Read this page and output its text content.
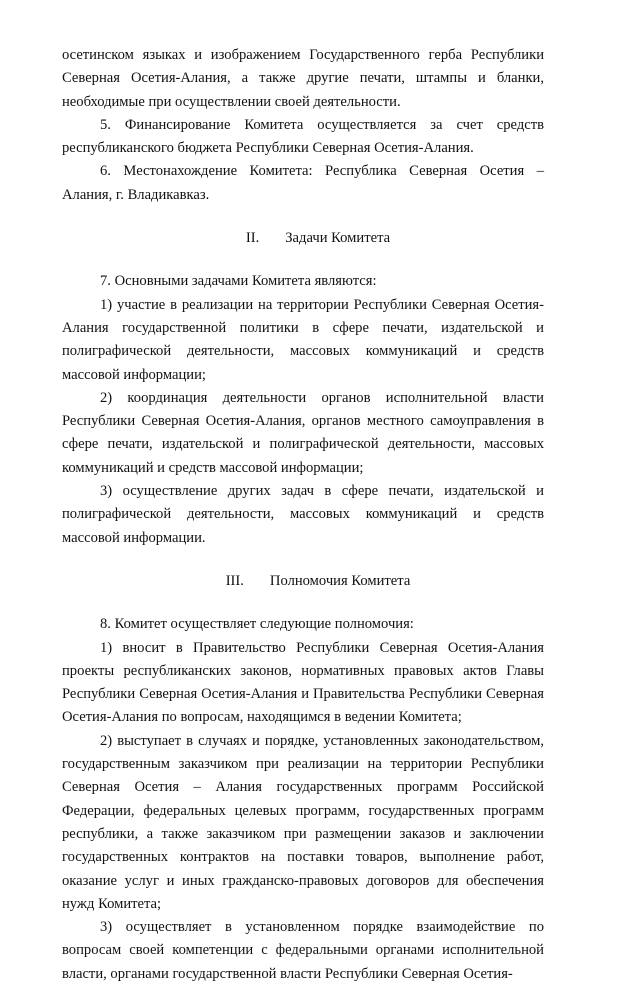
осетинском языках и изображением Государственного герба Республики Северная Осетия-Алания, а также другие печати, штампы и бланки, необходимые при осуществлении своей деятельности.

5. Финансирование Комитета осуществляется за счет средств республиканского бюджета Республики Северная Осетия-Алания.

6. Местонахождение Комитета: Республика Северная Осетия – Алания, г. Владикавказ.

II. Задачи Комитета

7. Основными задачами Комитета являются:

1) участие в реализации на территории Республики Северная Осетия-Алания государственной политики в сфере печати, издательской и полиграфической деятельности, массовых коммуникаций и средств массовой информации;

2) координация деятельности органов исполнительной власти Республики Северная Осетия-Алания, органов местного самоуправления в сфере печати, издательской и полиграфической деятельности, массовых коммуникаций и средств массовой информации;

3) осуществление других задач в сфере печати, издательской и полиграфической деятельности, массовых коммуникаций и средств массовой информации.

III. Полномочия Комитета

8. Комитет осуществляет следующие полномочия:

1) вносит в Правительство Республики Северная Осетия-Алания проекты республиканских законов, нормативных правовых актов Главы Республики Северная Осетия-Алания и Правительства Республики Северная Осетия-Алания по вопросам, находящимся в ведении Комитета;

2) выступает в случаях и порядке, установленных законодательством, государственным заказчиком при реализации на территории Республики Северная Осетия – Алания государственных программ Российской Федерации, федеральных целевых программ, государственных программ республики, а также заказчиком при размещении заказов и заключении государственных контрактов на поставки товаров, выполнение работ, оказание услуг и иных гражданско-правовых договоров для обеспечения нужд Комитета;

3) осуществляет в установленном порядке взаимодействие по вопросам своей компетенции с федеральными органами исполнительной власти, органами государственной власти Республики Северная Осетия-
